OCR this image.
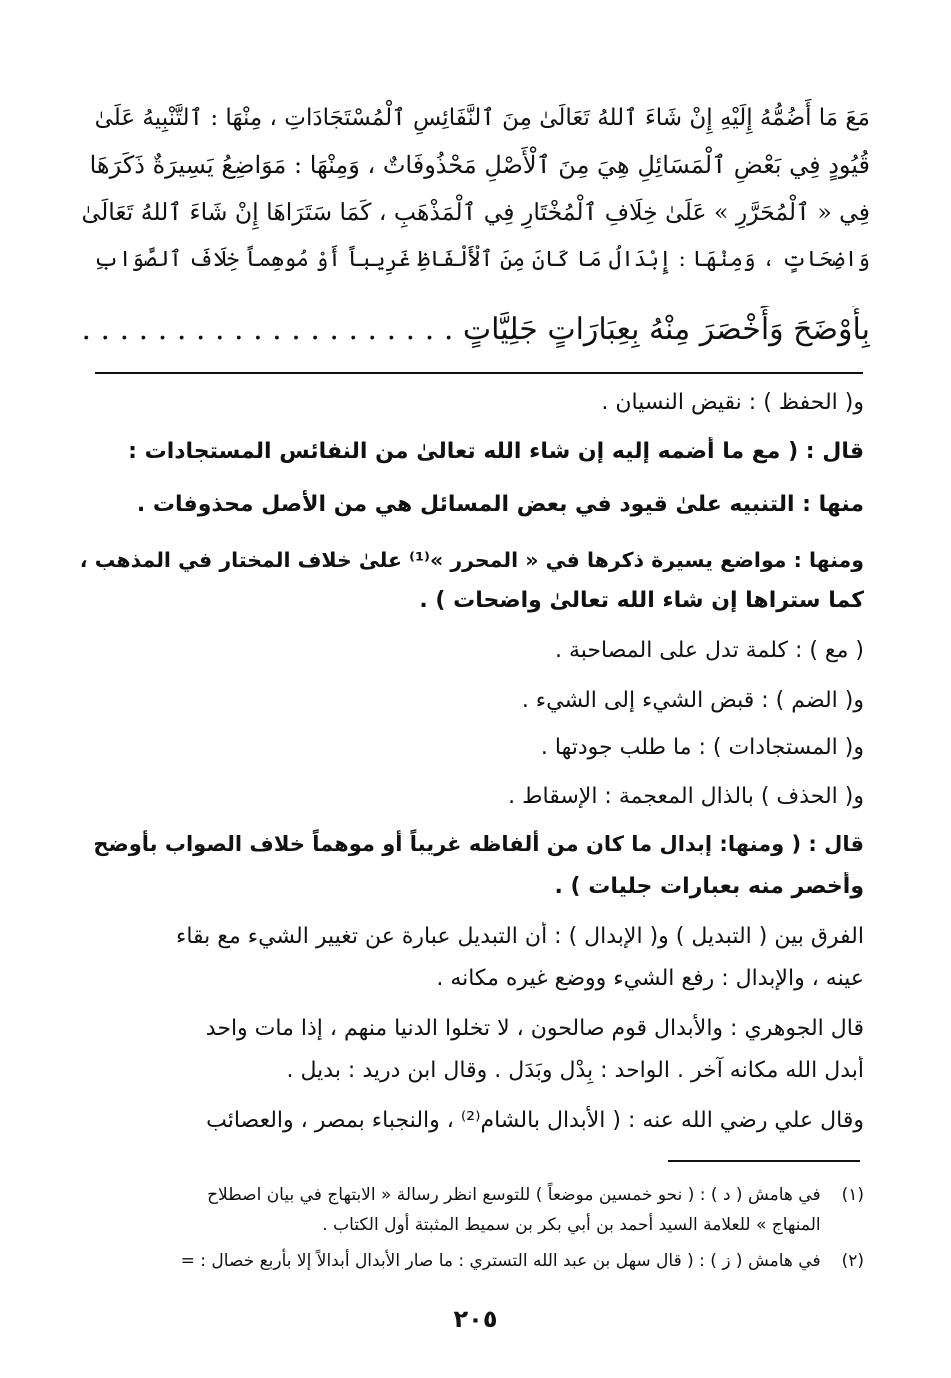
مَعَ مَا أَضُمُّهُ إِلَيْهِ إِنْ شَاءَ ٱللهُ تَعَالَىٰ مِنَ ٱلنَّفَائِسِ ٱلْمُسْتَجَادَاتِ ، مِنْهَا : ٱلتَّنْبِيهُ عَلَىٰ
قُيُودٍ فِي بَعْضِ ٱلْمَسَائِلِ هِيَ مِنَ ٱلْأَصْلِ مَحْذُوفَاتٌ ، وَمِنْهَا : مَوَاضِعُ يَسِيرَةٌ ذَكَرَهَا
فِي « ٱلْمُحَرَّرِ » عَلَىٰ خِلَافِ ٱلْمُخْتَارِ فِي ٱلْمَذْهَبِ ، كَمَا سَتَرَاهَا إِنْ شَاءَ ٱللهُ تَعَالَىٰ
وَاضِحَاتٍ ، وَمِنْهَا : إِبْدَالُ مَا كَانَ مِنَ ٱلْأَلْفَاظِ غَرِيباً أَوْ مُوهِماً خِلَافَ ٱلصَّوَابِ
بِأَوْضَحَ وَأَخْصَرَ مِنْهُ بِعِبَارَاتٍ جَلِيَّاتٍ . . . . . . . . . . . . . . . . . . . .
و( الحفظ ) : نقيض النسيان .
قال : ( مع ما أضمه إليه إن شاء الله تعالىٰ من النفائس المستجادات :
منها : التنبيه علىٰ قيود في بعض المسائل هي من الأصل محذوفات .
ومنها : مواضع يسيرة ذكرها في « المحرر »⁽¹⁾ علىٰ خلاف المختار في المذهب ،
كما ستراها إن شاء الله تعالىٰ واضحات ) .
( مع ) : كلمة تدل على المصاحبة .
و( الضم ) : قبض الشيء إلى الشيء .
و( المستجادات ) : ما طلب جودتها .
و( الحذف ) بالذال المعجمة : الإسقاط .
قال : ( ومنها: إبدال ما كان من ألفاظه غريباً أو موهماً خلاف الصواب بأوضح
وأخصر منه بعبارات جليات ) .
الفرق بين ( التبديل ) و( الإبدال ) : أن التبديل عبارة عن تغيير الشيء مع بقاء
عينه ، والإبدال : رفع الشيء ووضع غيره مكانه .
قال الجوهري : والأبدال قوم صالحون ، لا تخلوا الدنيا منهم ، إذا مات واحد
أبدل الله مكانه آخر . الواحد : بِدْل وبَدَل . وقال ابن دريد : بديل .
وقال علي رضي الله عنه : ( الأبدال بالشام⁽²⁾ ، والنجباء بمصر ، والعصائب
(١) في هامش ( د ) : ( نحو خمسين موضعاً ) للتوسع انظر رسالة « الابتهاج في بيان اصطلاح
المنهاج » للعلامة السيد أحمد بن أبي بكر بن سميط المثبتة أول الكتاب .
(٢) في هامش ( ز ) : ( قال سهل بن عبد الله التستري : ما صار الأبدال أبدالاً إلا بأربع خصال : =
٢٠٥
